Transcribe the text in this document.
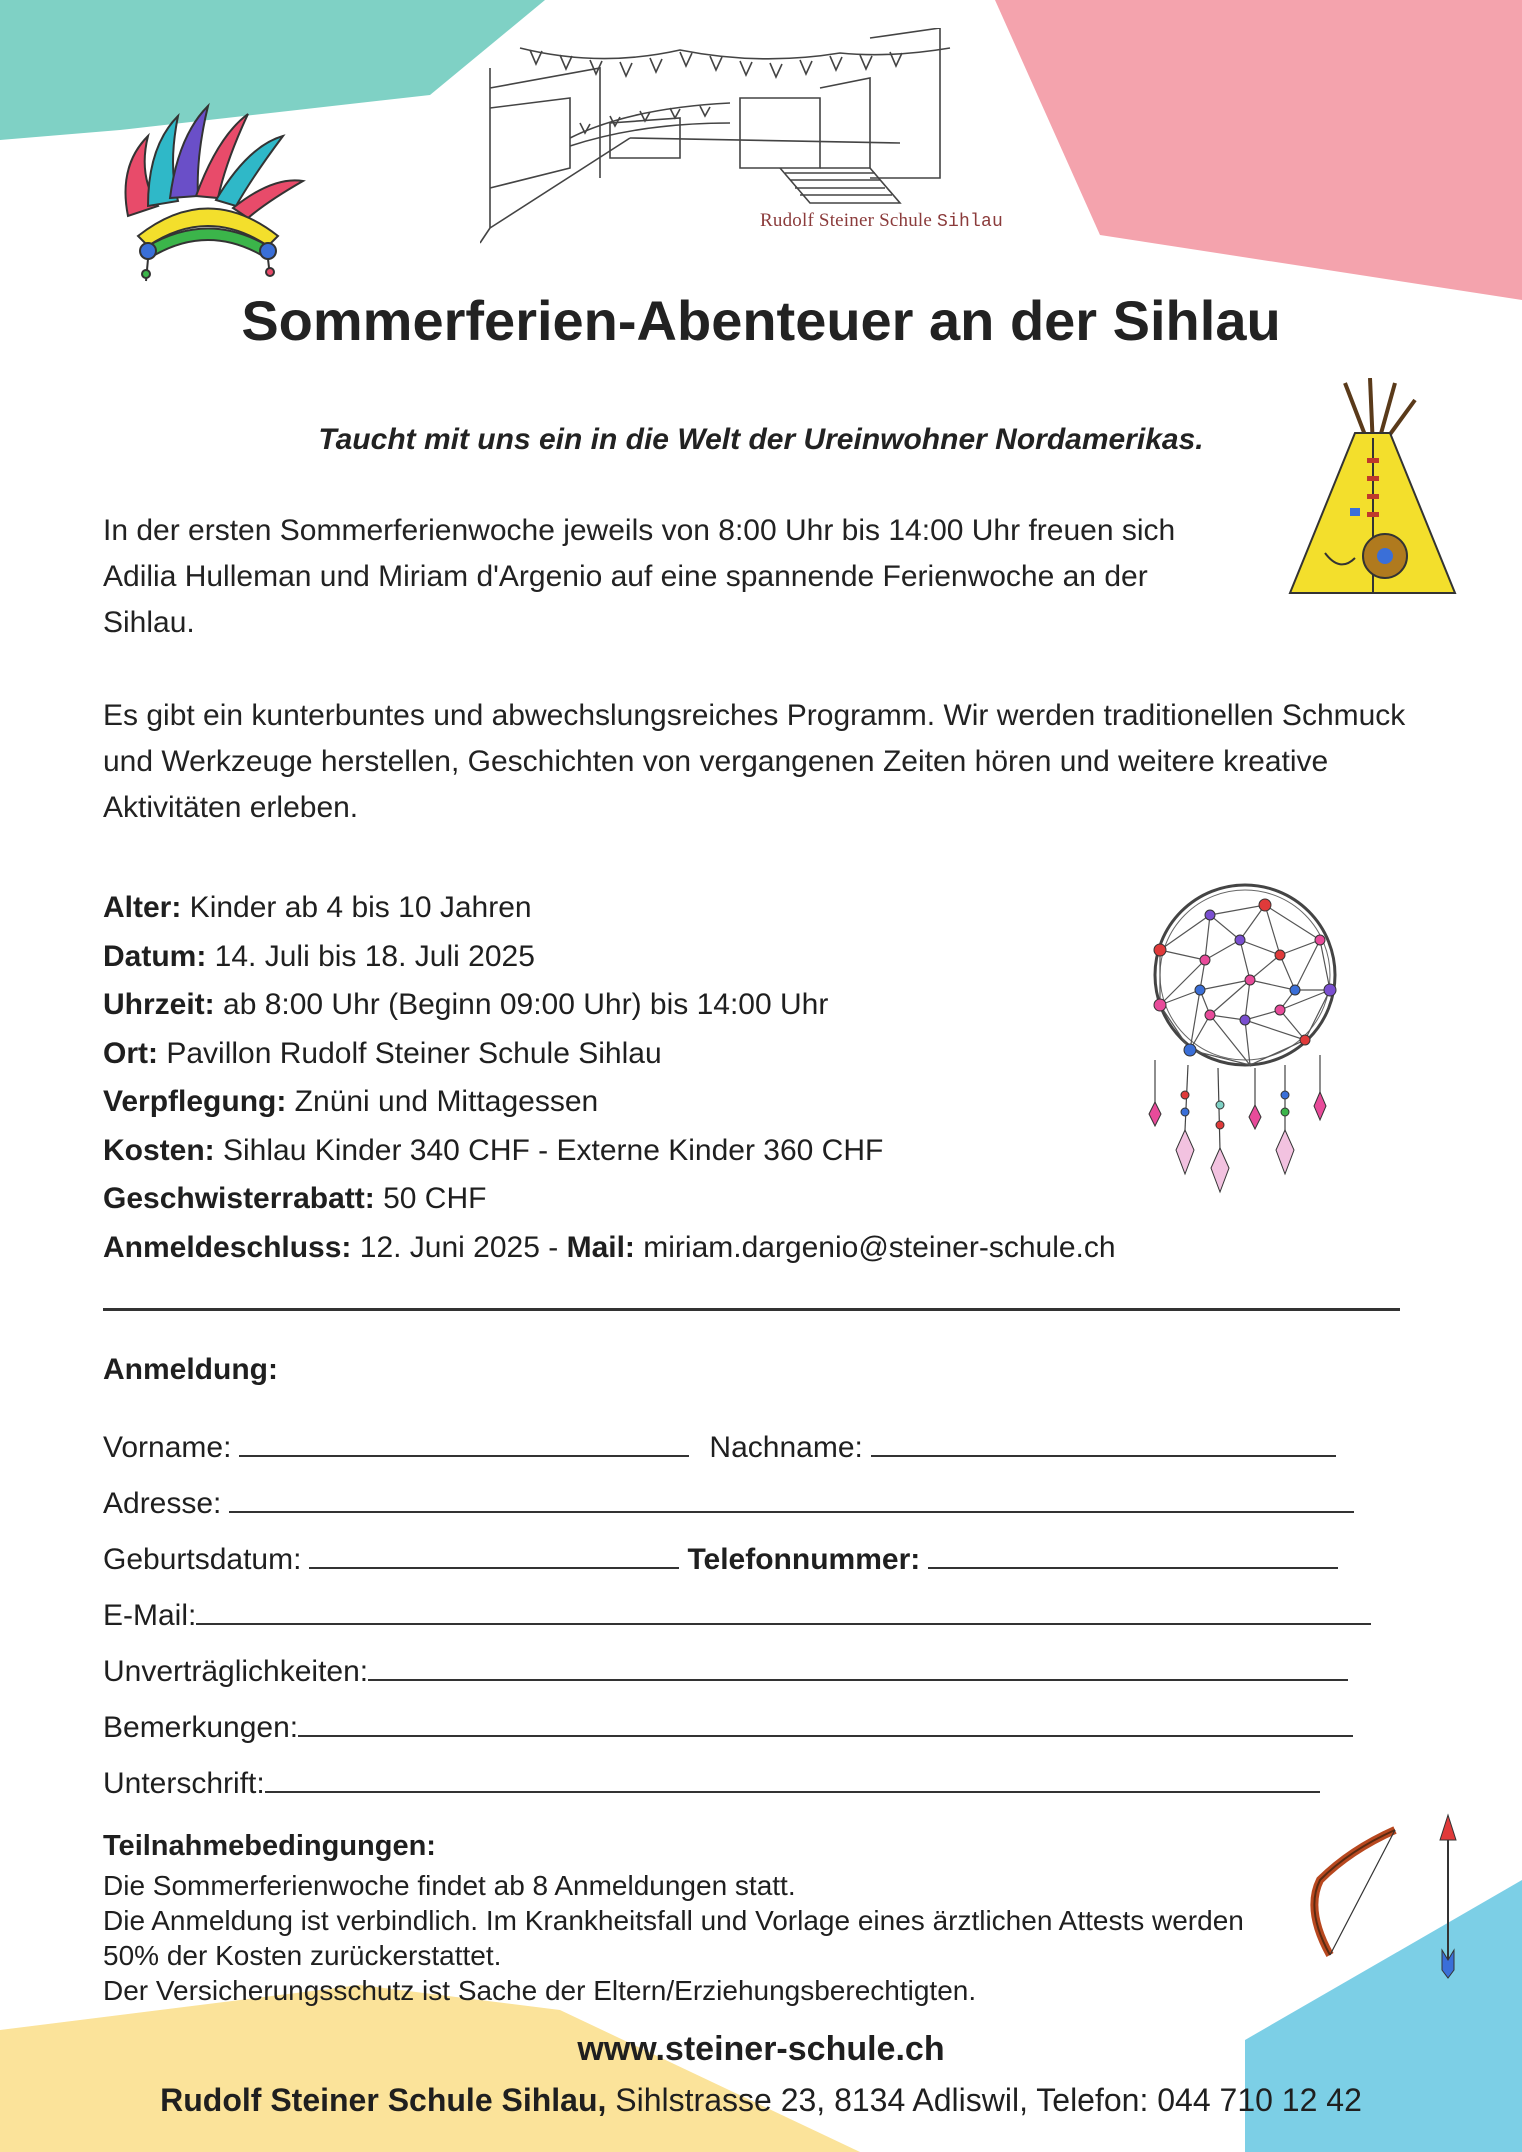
Rudolf Steiner Schule Sihlau
Sommerferien-Abenteuer an der Sihlau
Taucht mit uns ein in die Welt der Ureinwohner Nordamerikas.
In der ersten Sommerferienwoche jeweils von 8:00 Uhr bis 14:00 Uhr freuen sich Adilia Hulleman und Miriam d'Argenio auf eine spannende Ferienwoche an der Sihlau.
Es gibt ein kunterbuntes und abwechslungsreiches Programm. Wir werden traditionellen Schmuck und Werkzeuge herstellen, Geschichten von vergangenen Zeiten hören und weitere kreative Aktivitäten erleben.
Alter: Kinder ab 4 bis 10 Jahren
Datum: 14. Juli bis 18. Juli 2025
Uhrzeit: ab 8:00 Uhr (Beginn 09:00 Uhr) bis 14:00 Uhr
Ort: Pavillon Rudolf Steiner Schule Sihlau
Verpflegung: Znüni und Mittagessen
Kosten: Sihlau Kinder 340 CHF - Externe Kinder 360 CHF
Geschwisterrabatt: 50 CHF
Anmeldeschluss: 12. Juni 2025 - Mail: miriam.dargenio@steiner-schule.ch
Anmeldung:
Vorname:	Nachname:
Adresse:
Geburtsdatum:	Telefonnummer:
E-Mail:
Unverträglichkeiten:
Bemerkungen:
Unterschrift:
Teilnahmebedingungen:
Die Sommerferienwoche findet ab 8 Anmeldungen statt.
Die Anmeldung ist verbindlich. Im Krankheitsfall und Vorlage eines ärztlichen Attests werden 50% der Kosten zurückerstattet.
Der Versicherungsschutz ist Sache der Eltern/Erziehungsberechtigten.
www.steiner-schule.ch
Rudolf Steiner Schule Sihlau, Sihlstrasse 23, 8134 Adliswil, Telefon: 044 710 12 42
